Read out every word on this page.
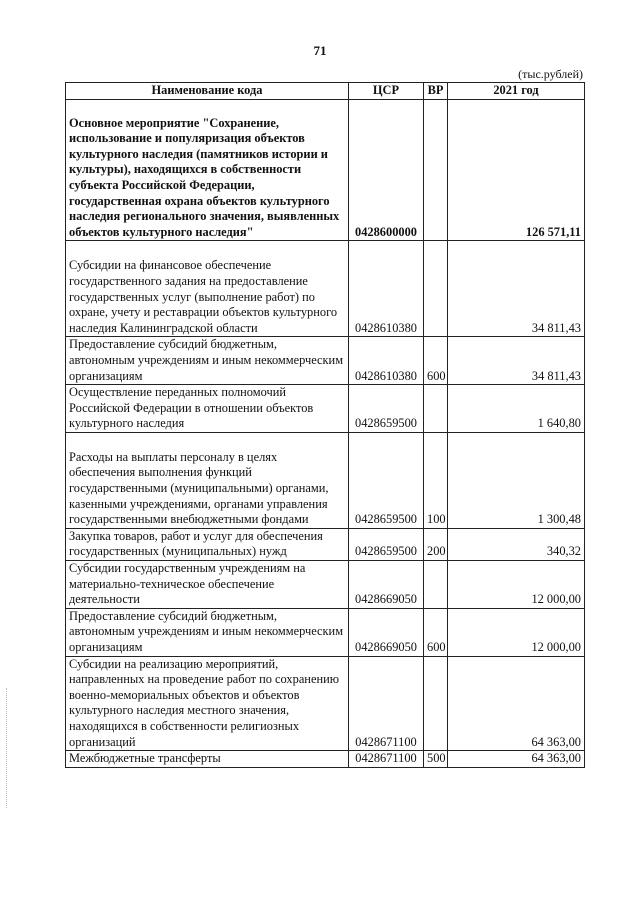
71
(тыс.рублей)
Наименование кода	ЦСР	ВР	2021 год
Основное мероприятие "Сохранение, использование и популяризация объектов культурного наследия (памятников истории и культуры), находящихся в собственности субъекта Российской Федерации, государственная охрана объектов культурного наследия регионального значения, выявленных объектов культурного наследия"	0428600000		126 571,11
Субсидии на финансовое обеспечение государственного задания на предоставление государственных услуг (выполнение работ) по охране, учету и реставрации объектов культурного наследия Калининградской области	0428610380		34 811,43
Предоставление субсидий бюджетным, автономным учреждениям и иным некоммерческим организациям	0428610380	600	34 811,43
Осуществление переданных полномочий Российской Федерации в отношении объектов культурного наследия	0428659500		1 640,80
Расходы на выплаты персоналу в целях обеспечения выполнения функций государственными (муниципальными) органами, казенными учреждениями, органами управления государственными внебюджетными фондами	0428659500	100	1 300,48
Закупка товаров, работ и услуг для обеспечения государственных (муниципальных) нужд	0428659500	200	340,32
Субсидии государственным учреждениям на материально-техническое обеспечение деятельности	0428669050		12 000,00
Предоставление субсидий бюджетным, автономным учреждениям и иным некоммерческим организациям	0428669050	600	12 000,00
Субсидии на реализацию мероприятий, направленных на проведение работ по сохранению военно-мемориальных объектов и объектов культурного наследия местного значения, находящихся в собственности религиозных организаций	0428671100		64 363,00
Межбюджетные трансферты	0428671100	500	64 363,00
